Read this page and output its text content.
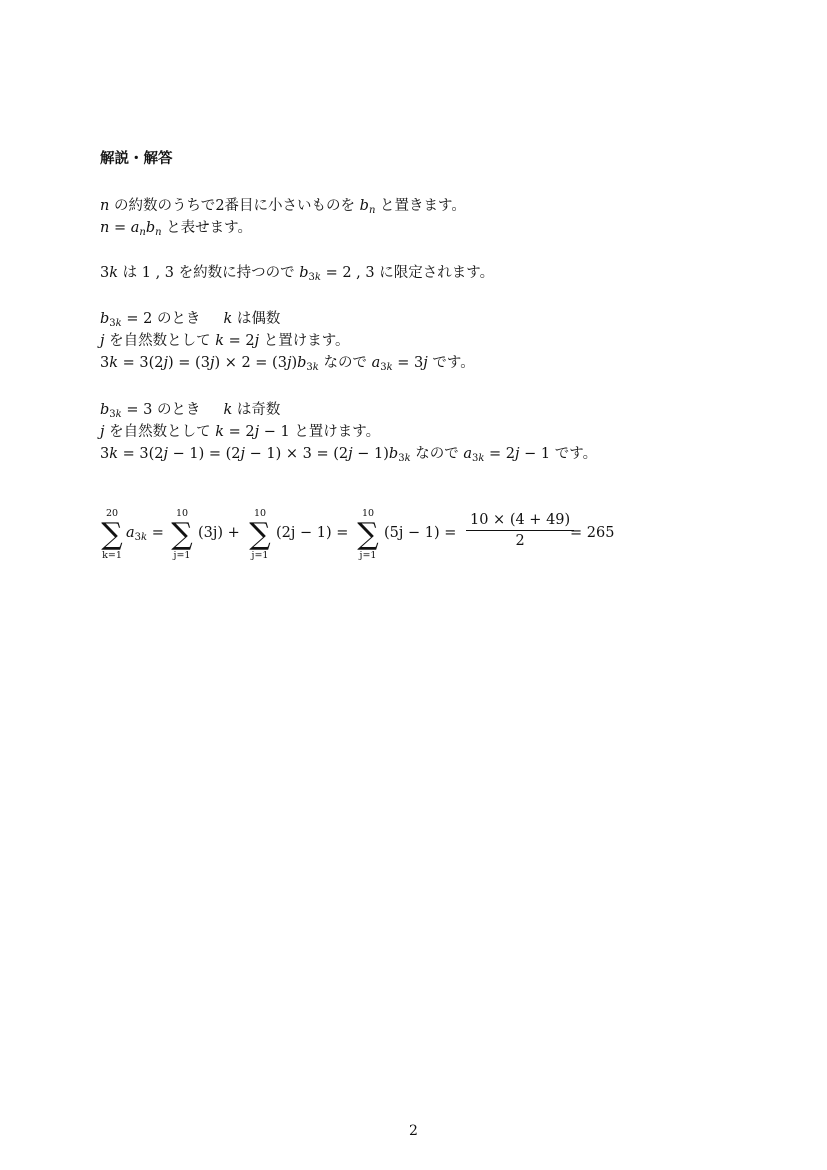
解説・解答
n の約数のうちで2番目に小さいものを $b_n$ と置きます。
$n = a_nb_n$ と表せます。
3k は 1 , 3 を約数に持つので $b_{3k} = 2$ , 3 に限定されます。
$b_{3k} = 2$ のとき k は偶数
j を自然数として k = 2j と置けます。
$3k = 3(2j) = (3j) \times 2 = (3j)b_{3k}$ なので $a_{3k} = 3j$ です。
$b_{3k} = 3$ のとき k は奇数
j を自然数として k = 2j − 1 と置けます。
$3k = 3(2j - 1) = (2j - 1) \times 3 = (2j - 1)b_{3k}$ なので $a_{3k} = 2j - 1$ です。
20
∑
k=1
$a_{3k}$ =
10
∑
j=1
(3j) +
10
∑
j=1
(2j − 1) =
10
∑
j=1
$(5j - 1) = \frac{10 \times (4 + 49)}{2}$
= 265
2
